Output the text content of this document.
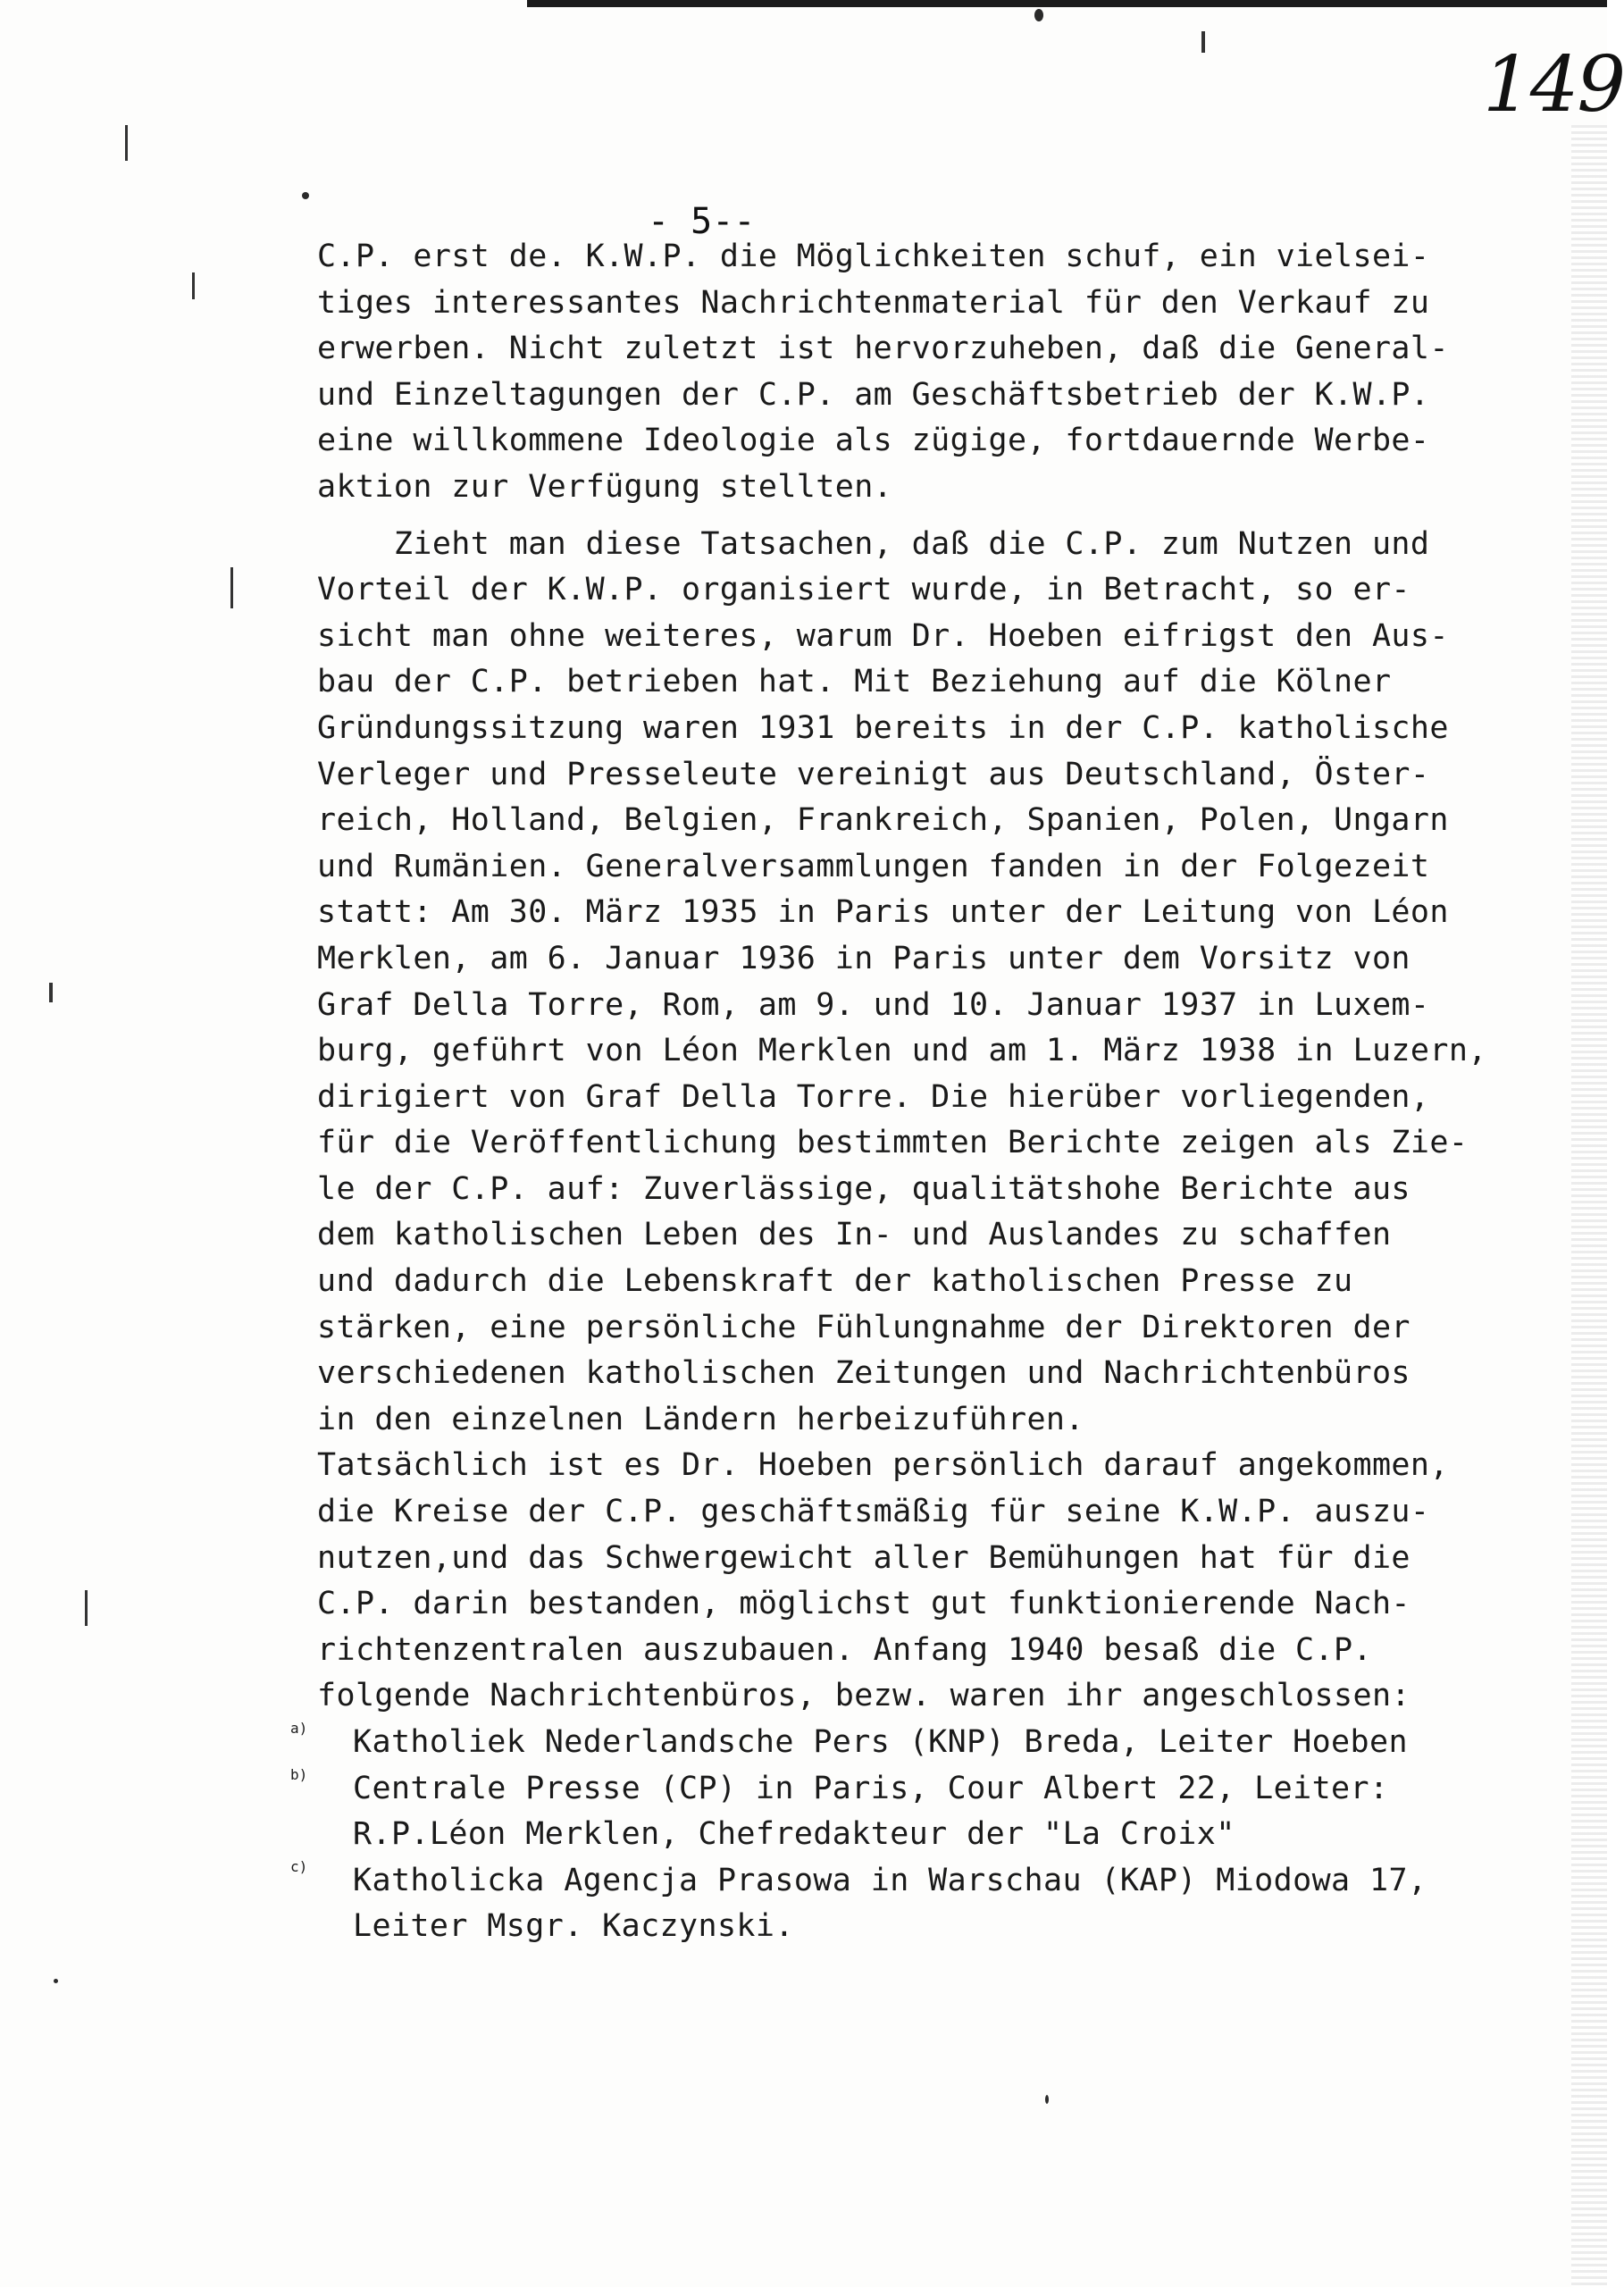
149
- 5--
C.P. erst de. K.W.P. die Möglichkeiten schuf, ein vielsei-
tiges interessantes Nachrichtenmaterial für den Verkauf zu
erwerben. Nicht zuletzt ist hervorzuheben, daß die General-
und Einzeltagungen der C.P. am Geschäftsbetrieb der K.W.P.
eine willkommene Ideologie als zügige, fortdauernde Werbe-
aktion zur Verfügung stellten.
Zieht man diese Tatsachen, daß die C.P. zum Nutzen und
Vorteil der K.W.P. organisiert wurde, in Betracht, so er-
sicht man ohne weiteres, warum Dr. Hoeben eifrigst den Aus-
bau der C.P. betrieben hat. Mit Beziehung auf die Kölner
Gründungssitzung waren 1931 bereits in der C.P. katholische
Verleger und Presseleute vereinigt aus Deutschland, Öster-
reich, Holland, Belgien, Frankreich, Spanien, Polen, Ungarn
und Rumänien. Generalversammlungen fanden in der Folgezeit
statt: Am 30. März 1935 in Paris unter der Leitung von Léon
Merklen, am 6. Januar 1936 in Paris unter dem Vorsitz von
Graf Della Torre, Rom, am 9. und 10. Januar 1937 in Luxem-
burg, geführt von Léon Merklen und am 1. März 1938 in Luzern,
dirigiert von Graf Della Torre. Die hierüber vorliegenden,
für die Veröffentlichung bestimmten Berichte zeigen als Zie-
le der C.P. auf: Zuverlässige, qualitätshohe Berichte aus
dem katholischen Leben des In- und Auslandes zu schaffen
und dadurch die Lebenskraft der katholischen Presse zu
stärken, eine persönliche Fühlungnahme der Direktoren der
verschiedenen katholischen Zeitungen und Nachrichtenbüros
in den einzelnen Ländern herbeizuführen.
Tatsächlich ist es Dr. Hoeben persönlich darauf angekommen,
die Kreise der C.P. geschäftsmäßig für seine K.W.P. auszu-
nutzen,und das Schwergewicht aller Bemühungen hat für die
C.P. darin bestanden, möglichst gut funktionierende Nach-
richtenzentralen auszubauen. Anfang 1940 besaß die C.P.
folgende Nachrichtenbüros, bezw. waren ihr angeschlossen:
a)	Katholiek Nederlandsche Pers (KNP) Breda, Leiter Hoeben
b)	Centrale Presse (CP) in Paris, Cour Albert 22, Leiter:
R.P.Léon Merklen, Chefredakteur der "La Croix"
c)	Katholicka Agencja Prasowa in Warschau (KAP) Miodowa 17,
Leiter Msgr. Kaczynski.
